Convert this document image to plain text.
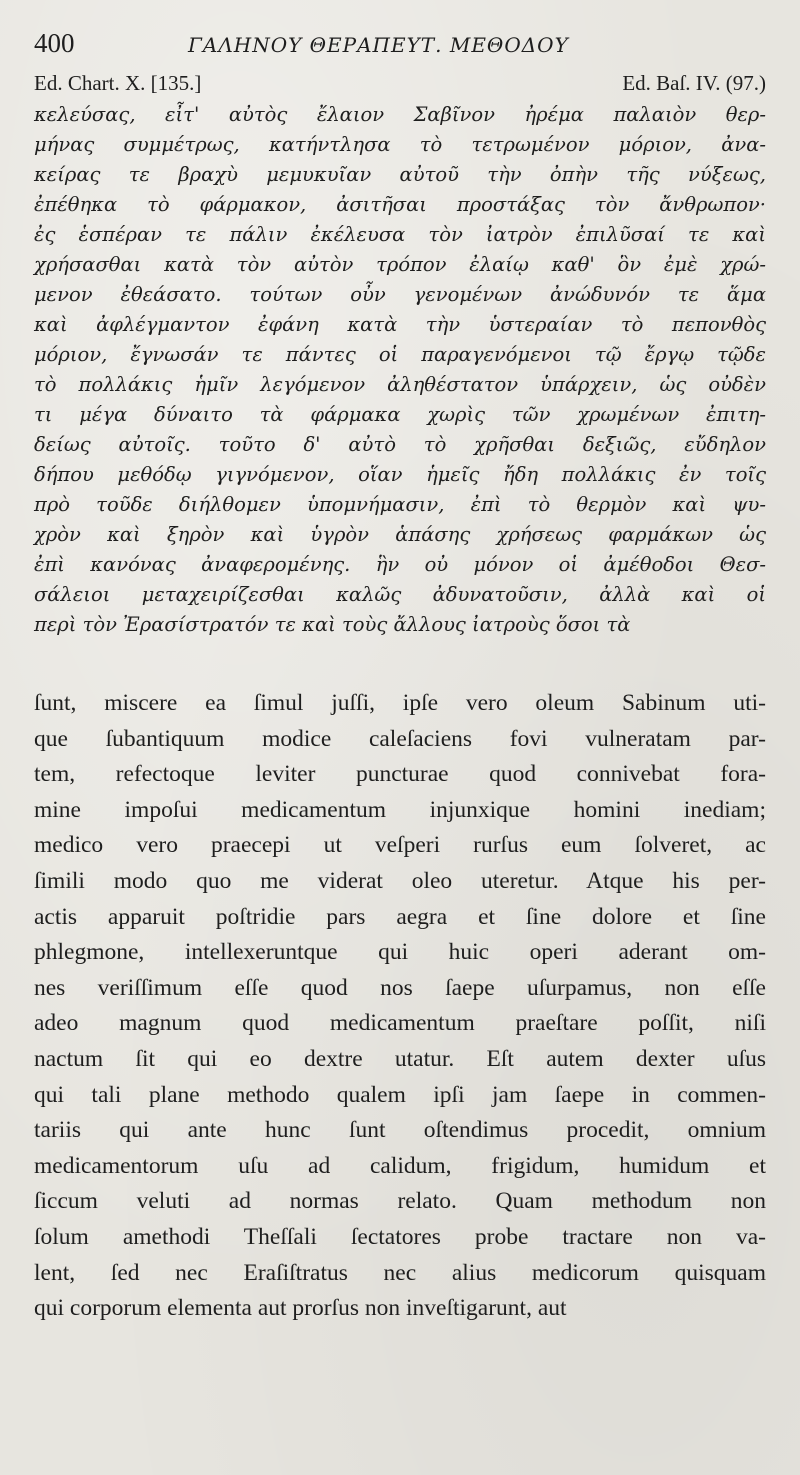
400	ΓΑΛΗΝΟΥ ΘΕΡΑΠΕΥΤ. ΜΕΘΟΔΟΥ
Ed. Chart. X. [135.]	Ed. Baſ. IV. (97.)
κελεύσας, εἶτ' αὐτὸς ἔλαιον Σαβῖνον ἠρέμα παλαιὸν θερ-
μήνας συμμέτρως, κατήντλησα τὸ τετρωμένον μόριον, ἀνα-
κείρας τε βραχὺ μεμυκυῖαν αὐτοῦ τὴν ὀπὴν τῆς νύξεως,
ἐπέθηκα τὸ φάρμακον, ἀσιτῆσαι προστάξας τὸν ἄνθρωπον·
ἐς ἑσπέραν τε πάλιν ἐκέλευσα τὸν ἰατρὸν ἐπιλῦσαί τε καὶ
χρήσασθαι κατὰ τὸν αὐτὸν τρόπον ἐλαίῳ καθ' ὃν ἐμὲ χρώ-
μενον ἐθεάσατο. τούτων οὖν γενομένων ἀνώδυνόν τε ἅμα
καὶ ἀφλέγμαντον ἐφάνη κατὰ τὴν ὑστεραίαν τὸ πεπονθὸς
μόριον, ἔγνωσάν τε πάντες οἱ παραγενόμενοι τῷ ἔργῳ τῷδε
τὸ πολλάκις ἡμῖν λεγόμενον ἀληθέστατον ὑπάρχειν, ὡς οὐδὲν
τι μέγα δύναιτο τὰ φάρμακα χωρὶς τῶν χρωμένων ἐπιτη-
δείως αὐτοῖς. τοῦτο δ' αὐτὸ τὸ χρῆσθαι δεξιῶς, εὔδηλον
δήπου μεθόδῳ γιγνόμενον, οἵαν ἡμεῖς ἤδη πολλάκις ἐν τοῖς
πρὸ τοῦδε διήλθομεν ὑπομνήμασιν, ἐπὶ τὸ θερμὸν καὶ ψυ-
χρὸν καὶ ξηρὸν καὶ ὑγρὸν ἁπάσης χρήσεως φαρμάκων ὡς
ἐπὶ κανόνας ἀναφερομένης. ἣν οὐ μόνον οἱ ἀμέθοδοι Θεσ-
σάλειοι μεταχειρίζεσθαι καλῶς ἀδυνατοῦσιν, ἀλλὰ καὶ οἱ
περὶ τὸν Ἐρασίστρατόν τε καὶ τοὺς ἄλλους ἰατροὺς ὅσοι τὰ
ſunt, miscere ea ſimul juſſi, ipſe vero oleum Sabinum uti-
que ſubantiquum modice caleſaciens fovi vulneratam par-
tem, refectoque leviter puncturae quod connivebat fora-
mine impoſui medicamentum injunxique homini inediam;
medico vero praecepi ut veſperi rurſus eum ſolveret, ac
ſimili modo quo me viderat oleo uteretur. Atque his per-
actis apparuit poſtridie pars aegra et ſine dolore et ſine
phlegmone, intellexeruntque qui huic operi aderant om-
nes veriſſimum eſſe quod nos ſaepe uſurpamus, non eſſe
adeo magnum quod medicamentum praeſtare poſſit, niſi
nactum ſit qui eo dextre utatur. Eſt autem dexter uſus
qui tali plane methodo qualem ipſi jam ſaepe in commen-
tariis qui ante hunc ſunt oſtendimus procedit, omnium
medicamentorum uſu ad calidum, frigidum, humidum et
ſiccum veluti ad normas relato. Quam methodum non
ſolum amethodi Theſſali ſectatores probe tractare non va-
lent, ſed nec Eraſiſtratus nec alius medicorum quisquam
qui corporum elementa aut prorſus non inveſtigarunt, aut
